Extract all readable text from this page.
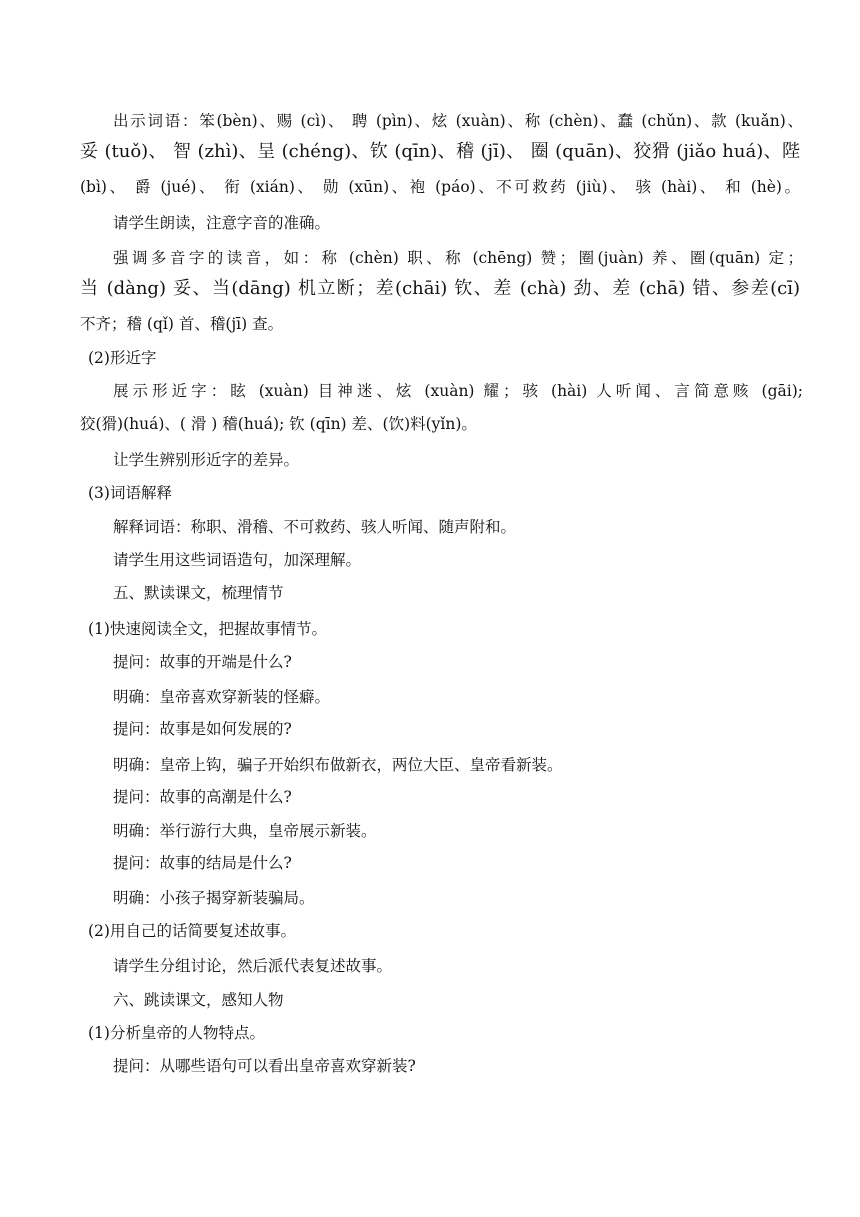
出示词语：笨(bèn)、赐 (cì)、 聘 (pìn)、炫 (xuàn)、称 (chèn)、蠢 (chǔn)、款 (kuǎn)、
妥 (tuǒ)、 智 (zhì)、呈 (chéng)、钦 (qīn)、稽 (jī)、 圈 (quān)、狡猾 (jiǎo huá)、陛
(bì)、 爵 (jué)、 衔 (xián)、 勋 (xūn)、袍 (páo)、不可救药 (jiù)、 骇 (hài)、 和 (hè)。
请学生朗读，注意字音的准确。
强调多音字的读音，如：称 (chèn) 职、称 (chēng) 赞；圈(juàn) 养、圈(quān) 定；
当 (dàng) 妥、当(dāng) 机立断；差(chāi) 钦、差 (chà) 劲、差 (chā) 错、参差(cī)
不齐；稽 (qǐ) 首、稽(jī) 查。
(2)形近字
展示形近字：眩 (xuàn) 目神迷、炫 (xuàn) 耀；骇 (hài) 人听闻、言简意赅 (gāi);
狡(猾)(huá)、( 滑 ) 稽(huá); 钦 (qīn) 差、(饮)料(yǐn)。
让学生辨别形近字的差异。
(3)词语解释
解释词语：称职、滑稽、不可救药、骇人听闻、随声附和。
请学生用这些词语造句，加深理解。
五、默读课文，梳理情节
(1)快速阅读全文，把握故事情节。
提问：故事的开端是什么?
明确：皇帝喜欢穿新装的怪癖。
提问：故事是如何发展的?
明确：皇帝上钩，骗子开始织布做新衣，两位大臣、皇帝看新装。
提问：故事的高潮是什么?
明确：举行游行大典，皇帝展示新装。
提问：故事的结局是什么?
明确：小孩子揭穿新装骗局。
(2)用自己的话简要复述故事。
请学生分组讨论，然后派代表复述故事。
六、跳读课文，感知人物
(1)分析皇帝的人物特点。
提问：从哪些语句可以看出皇帝喜欢穿新装?
